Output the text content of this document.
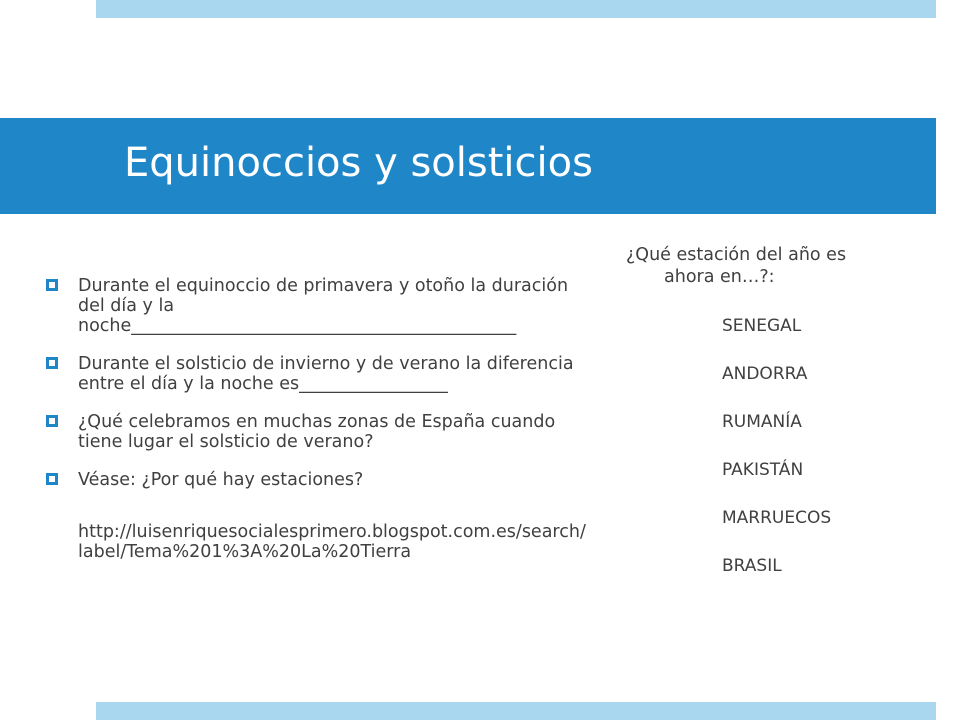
Equinoccios y solsticios
Durante el equinoccio de primavera y otoño la duración del día y la noche____________________________________________
Durante el solsticio de invierno y de verano la diferencia entre el día y la noche es_________________
¿Qué celebramos en muchas zonas de España cuando tiene lugar el solsticio de verano?
Véase: ¿Por qué hay estaciones?
http://luisenriquesocialesprimero.blogspot.com.es/search/label/Tema%201%3A%20La%20Tierra
¿Qué estación del año es
ahora en…?:
SENEGAL
ANDORRA
RUMANÍA
PAKISTÁN
MARRUECOS
BRASIL
